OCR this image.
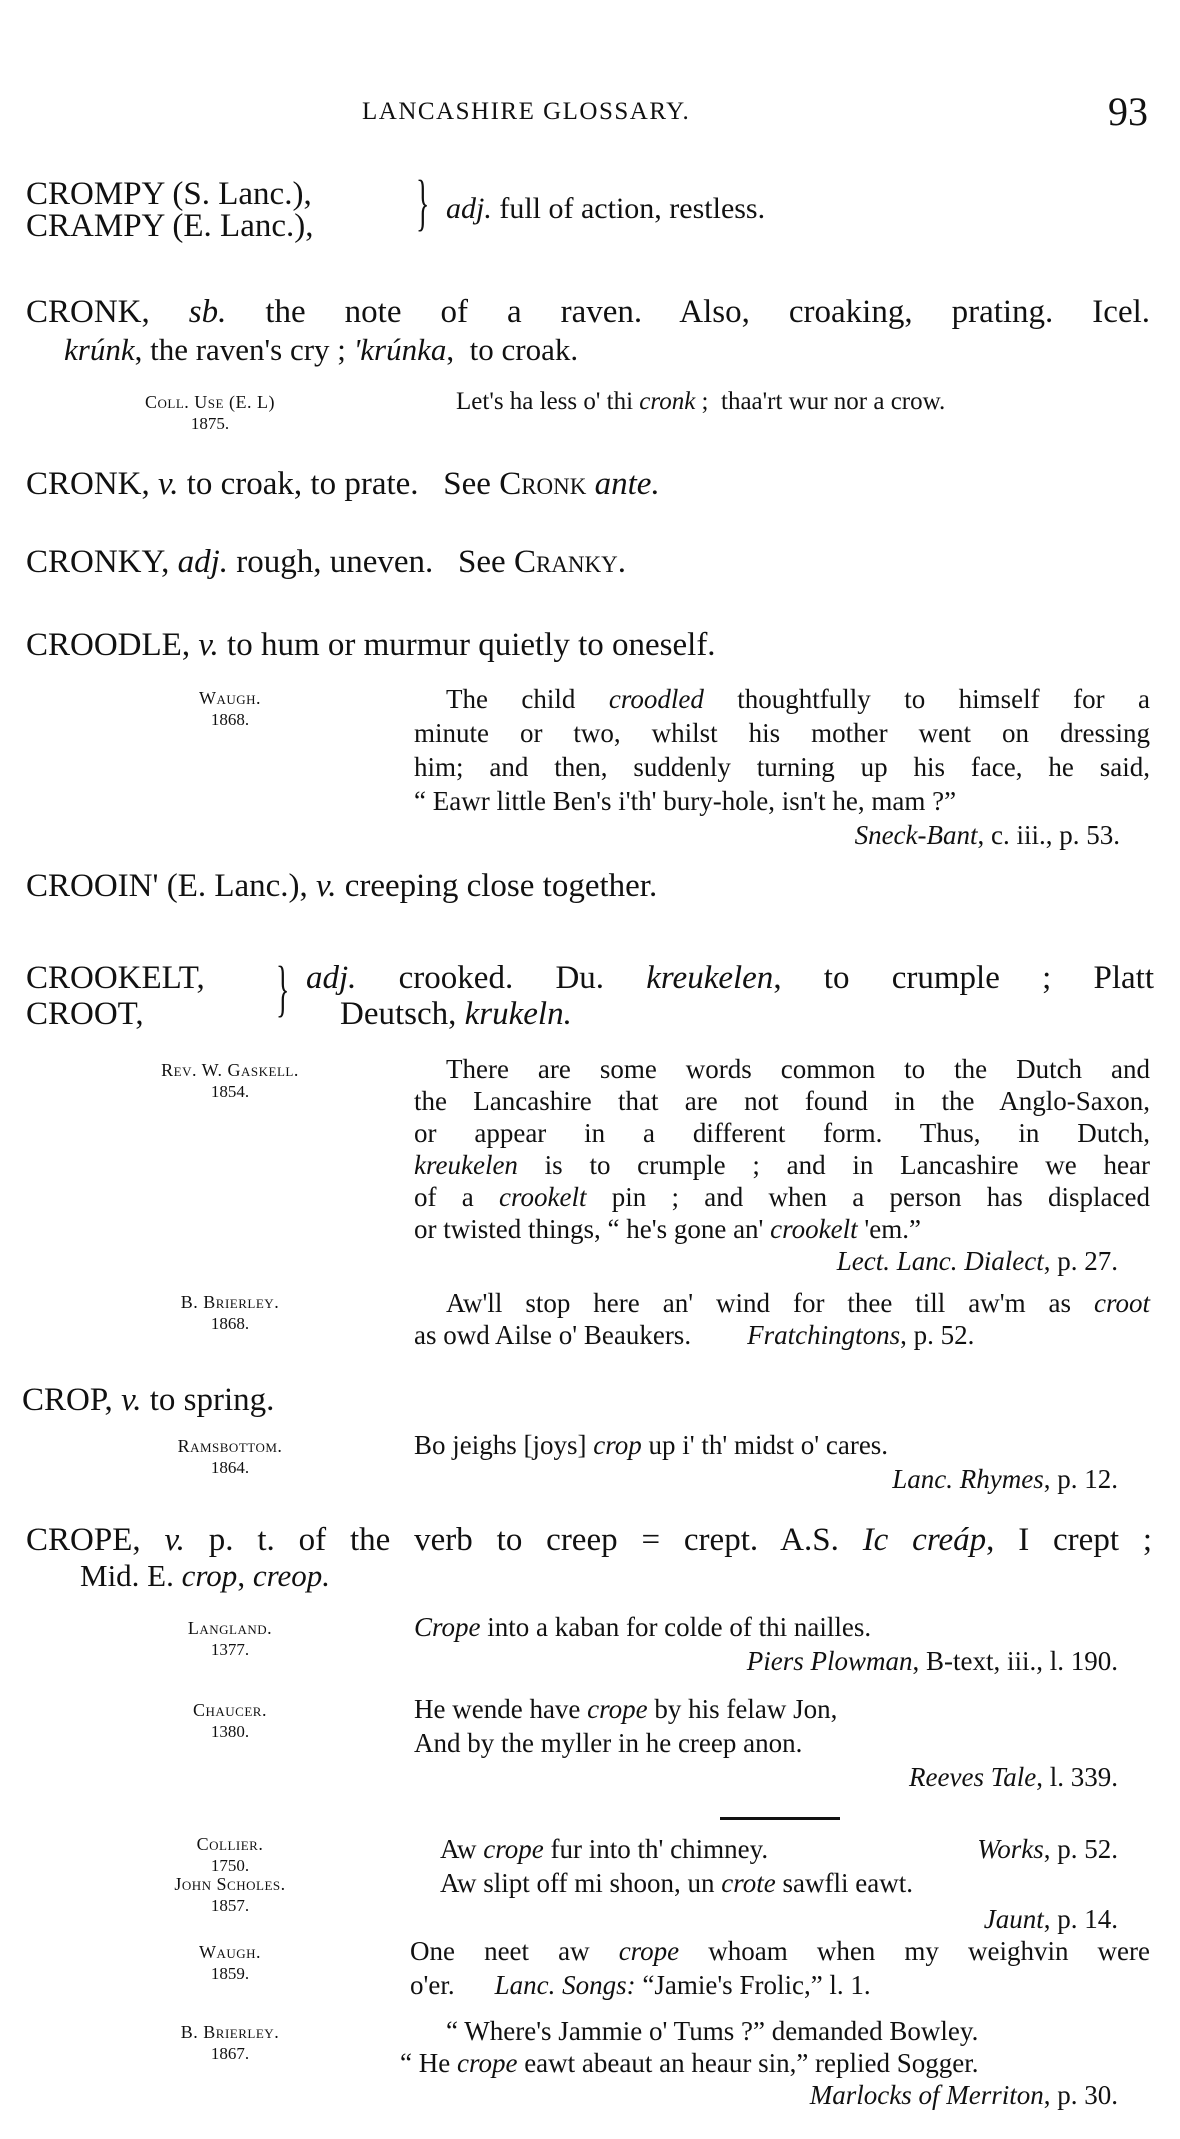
LANCASHIRE GLOSSARY.	93
CROMPY (S. Lanc.),
CRAMPY (E. Lanc.), } adj. full of action, restless.
CRONK, sb. the note of a raven. Also, croaking, prating. Icel.
krúnk, the raven's cry ; 'krúnka,  to croak.
Coll. Use (E. L)
1875.
Let's ha less o' thi cronk ;  thaa'rt wur nor a crow.
CRONK, v. to croak, to prate.   See Cronk ante.
CRONKY, adj. rough, uneven.   See Cranky.
CROODLE, v. to hum or murmur quietly to oneself.
Waugh.
1868.
The child croodled thoughtfully to himself for a
minute or two, whilst his mother went on dressing
him; and then, suddenly turning up his face, he said,
“ Eawr little Ben's i'th' bury-hole, isn't he, mam ?”
Sneck-Bant, c. iii., p. 53.
CROOIN' (E. Lanc.), v. creeping close together.
CROOKELT,
CROOT, } adj. crooked. Du. kreukelen, to crumple ; Platt
Deutsch, krukeln.
Rev. W. Gaskell.
1854.
There are some words common to the Dutch and
the Lancashire that are not found in the Anglo-Saxon,
or appear in a different form. Thus, in Dutch,
kreukelen is to crumple ; and in Lancashire we hear
of a crookelt pin ; and when a person has displaced
or twisted things, “ he's gone an' crookelt 'em.”
Lect. Lanc. Dialect, p. 27.
B. Brierley.
1868.
Aw'll stop here an' wind for thee till aw'm as croot
as owd Ailse o' Beaukers. Fratchingtons, p. 52.
CROP, v. to spring.
Ramsbottom.
1864.
Bo jeighs [joys] crop up i' th' midst o' cares.
Lanc. Rhymes, p. 12.
CROPE, v. p. t. of the verb to creep = crept. A.S. Ic creáp, I crept ;
Mid. E. crop, creop.
Langland.
1377.
Crope into a kaban for colde of thi nailles.
Piers Plowman, B-text, iii., l. 190.
Chaucer.
1380.
He wende have crope by his felaw Jon,
And by the myller in he creep anon.
Reeves Tale, l. 339.
Collier.
1750.
Aw crope fur into th' chimney.	Works, p. 52.
John Scholes.
1857.
Aw slipt off mi shoon, un crote sawfli eawt.
Jaunt, p. 14.
Waugh.
1859.
One neet aw crope whoam when my weighvin were
o'er. Lanc. Songs: “Jamie's Frolic,” l. 1.
B. Brierley.
1867.
“ Where's Jammie o' Tums ?” demanded Bowley.
“ He crope eawt abeaut an heaur sin,” replied Sogger.
Marlocks of Merriton, p. 30.
